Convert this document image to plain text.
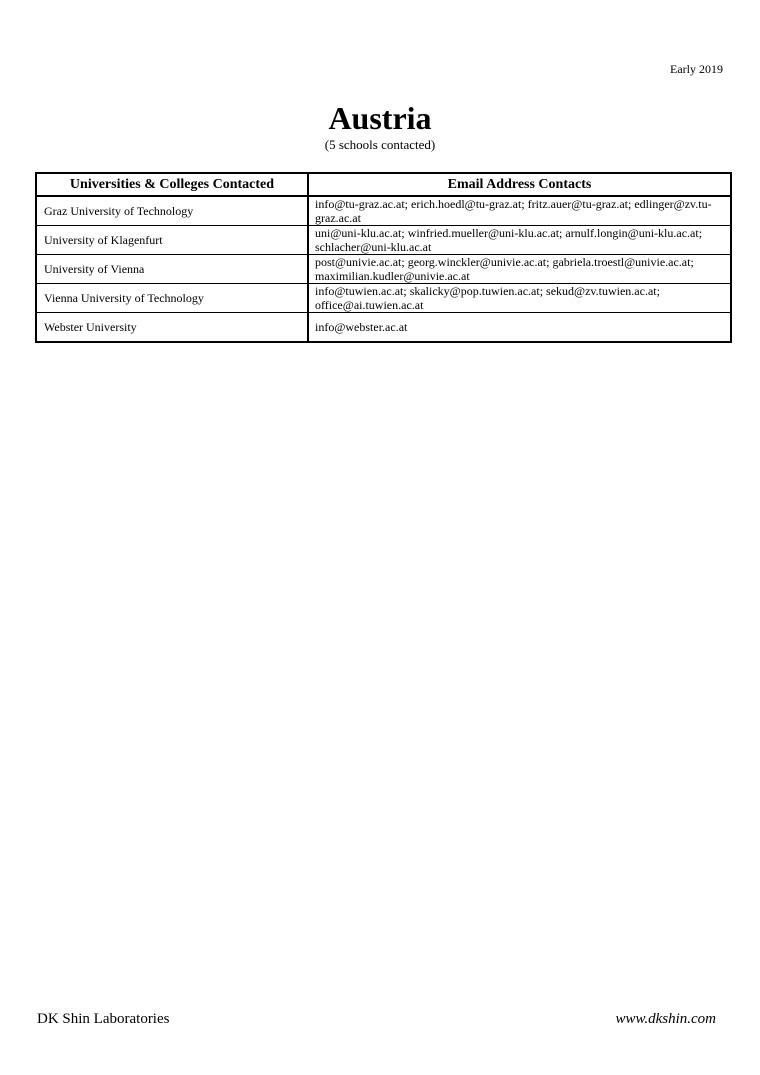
Early 2019
Austria
(5 schools contacted)
Universities & Colleges Contacted	Email Address Contacts
Graz University of Technology	info@tu-graz.ac.at; erich.hoedl@tu-graz.at; fritz.auer@tu-graz.at; edlinger@zv.tu-graz.ac.at
University of Klagenfurt	uni@uni-klu.ac.at; winfried.mueller@uni-klu.ac.at; arnulf.longin@uni-klu.ac.at; schlacher@uni-klu.ac.at
University of Vienna	post@univie.ac.at; georg.winckler@univie.ac.at; gabriela.troestl@univie.ac.at; maximilian.kudler@univie.ac.at
Vienna University of Technology	info@tuwien.ac.at; skalicky@pop.tuwien.ac.at; sekud@zv.tuwien.ac.at; office@ai.tuwien.ac.at
Webster University	info@webster.ac.at
DK Shin Laboratories	www.dkshin.com
